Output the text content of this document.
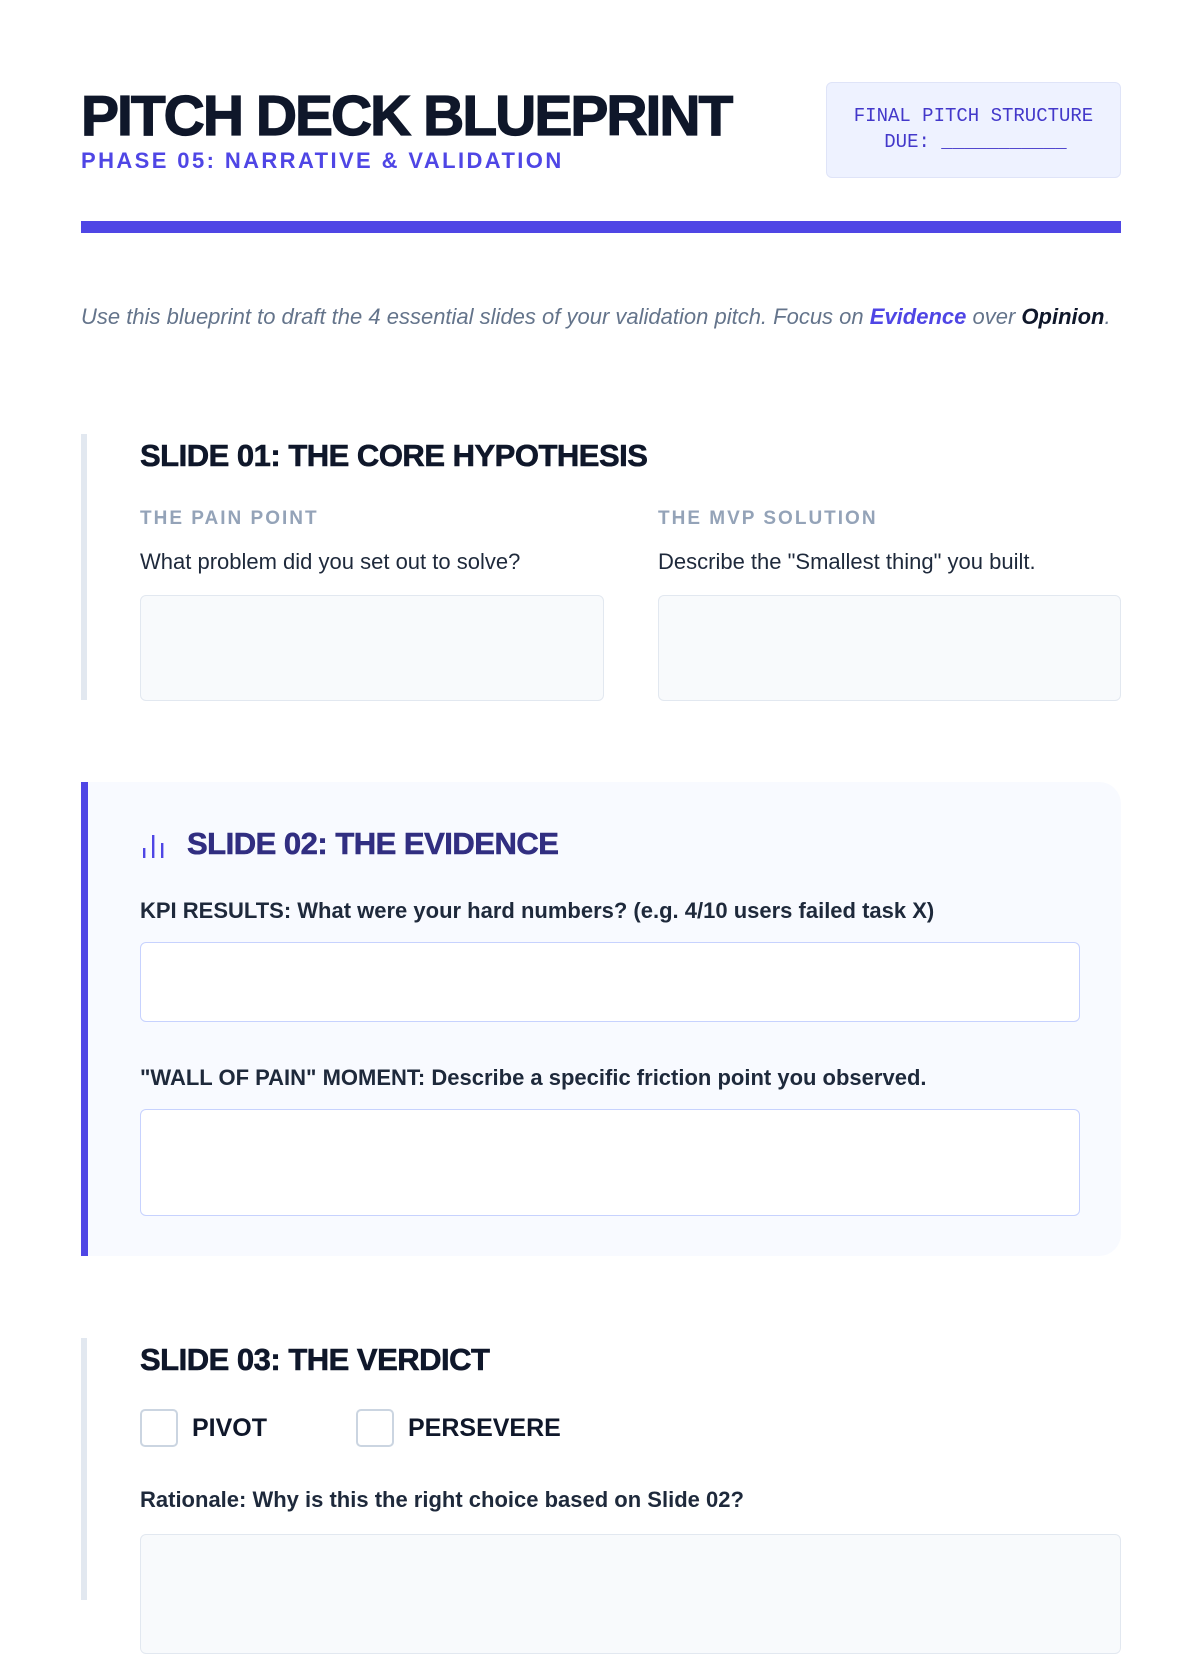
PITCH DECK BLUEPRINT
PHASE 05: NARRATIVE & VALIDATION
FINAL PITCH STRUCTURE
DUE: ___________
Use this blueprint to draft the 4 essential slides of your validation pitch. Focus on Evidence over Opinion.
SLIDE 01: THE CORE HYPOTHESIS
THE PAIN POINT
What problem did you set out to solve?
THE MVP SOLUTION
Describe the "Smallest thing" you built.
SLIDE 02: THE EVIDENCE
KPI RESULTS: What were your hard numbers? (e.g. 4/10 users failed task X)
"WALL OF PAIN" MOMENT: Describe a specific friction point you observed.
SLIDE 03: THE VERDICT
PIVOT	PERSEVERE
Rationale: Why is this the right choice based on Slide 02?
